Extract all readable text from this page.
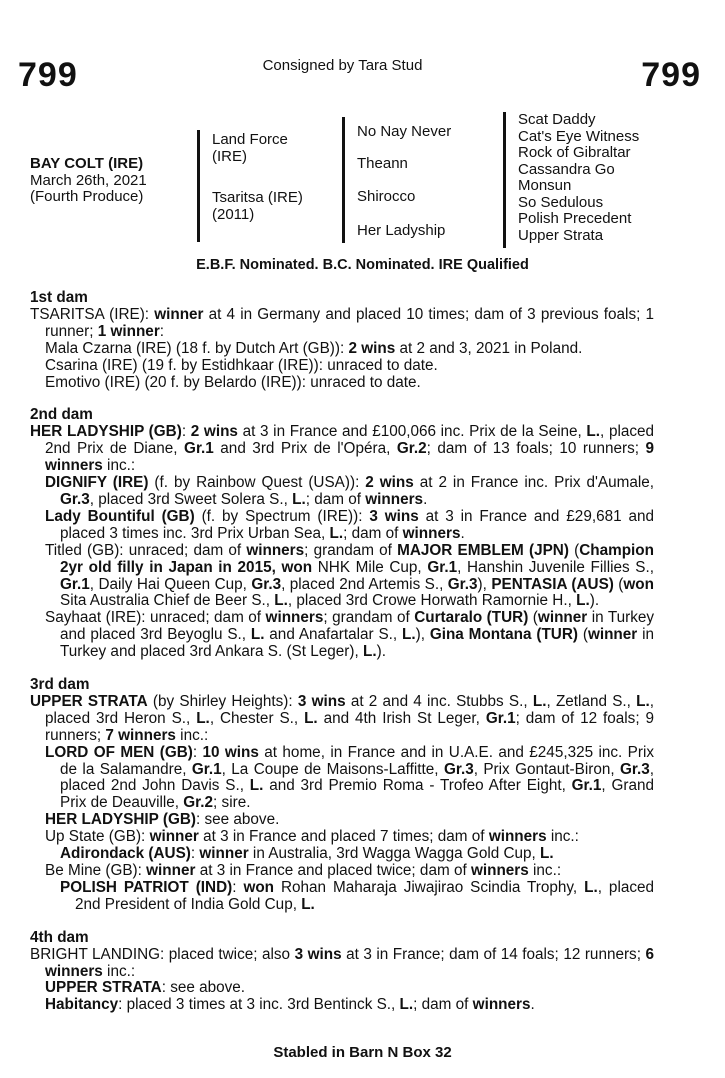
799	Consigned by Tara Stud	799
BAY COLT (IRE)
March 26th, 2021
(Fourth Produce)
Land Force
(IRE)
Tsaritsa (IRE)
(2011)
No Nay Never
Theann
Shirocco
Her Ladyship
Scat Daddy
Cat's Eye Witness
Rock of Gibraltar
Cassandra Go
Monsun
So Sedulous
Polish Precedent
Upper Strata
E.B.F. Nominated. B.C. Nominated. IRE Qualified
1st dam

TSARITSA (IRE): winner at 4 in Germany and placed 10 times; dam of 3 previous foals; 1 runner; 1 winner:

Mala Czarna (IRE) (18 f. by Dutch Art (GB)): 2 wins at 2 and 3, 2021 in Poland.

Csarina (IRE) (19 f. by Estidhkaar (IRE)): unraced to date.

Emotivo (IRE) (20 f. by Belardo (IRE)): unraced to date.

2nd dam

HER LADYSHIP (GB): 2 wins at 3 in France and £100,066 inc. Prix de la Seine, L., placed 2nd Prix de Diane, Gr.1 and 3rd Prix de l'Opéra, Gr.2; dam of 13 foals; 10 runners; 9 winners inc.:

DIGNIFY (IRE) (f. by Rainbow Quest (USA)): 2 wins at 2 in France inc. Prix d'Aumale, Gr.3, placed 3rd Sweet Solera S., L.; dam of winners.

Lady Bountiful (GB) (f. by Spectrum (IRE)): 3 wins at 3 in France and £29,681 and placed 3 times inc. 3rd Prix Urban Sea, L.; dam of winners.

Titled (GB): unraced; dam of winners; grandam of MAJOR EMBLEM (JPN) (Champion 2yr old filly in Japan in 2015, won NHK Mile Cup, Gr.1, Hanshin Juvenile Fillies S., Gr.1, Daily Hai Queen Cup, Gr.3, placed 2nd Artemis S., Gr.3), PENTASIA (AUS) (won Sita Australia Chief de Beer S., L., placed 3rd Crowe Horwath Ramornie H., L.).

Sayhaat (IRE): unraced; dam of winners; grandam of Curtaralo (TUR) (winner in Turkey and placed 3rd Beyoglu S., L. and Anafartalar S., L.), Gina Montana (TUR) (winner in Turkey and placed 3rd Ankara S. (St Leger), L.).

3rd dam

UPPER STRATA (by Shirley Heights): 3 wins at 2 and 4 inc. Stubbs S., L., Zetland S., L., placed 3rd Heron S., L., Chester S., L. and 4th Irish St Leger, Gr.1; dam of 12 foals; 9 runners; 7 winners inc.:

LORD OF MEN (GB): 10 wins at home, in France and in U.A.E. and £245,325 inc. Prix de la Salamandre, Gr.1, La Coupe de Maisons-Laffitte, Gr.3, Prix Gontaut-Biron, Gr.3, placed 2nd John Davis S., L. and 3rd Premio Roma - Trofeo After Eight, Gr.1, Grand Prix de Deauville, Gr.2; sire.

HER LADYSHIP (GB): see above.

Up State (GB): winner at 3 in France and placed 7 times; dam of winners inc.:

Adirondack (AUS): winner in Australia, 3rd Wagga Wagga Gold Cup, L.

Be Mine (GB): winner at 3 in France and placed twice; dam of winners inc.:

POLISH PATRIOT (IND): won Rohan Maharaja Jiwajirao Scindia Trophy, L., placed 2nd President of India Gold Cup, L.

4th dam

BRIGHT LANDING: placed twice; also 3 wins at 3 in France; dam of 14 foals; 12 runners; 6 winners inc.:

UPPER STRATA: see above.

Habitancy: placed 3 times at 3 inc. 3rd Bentinck S., L.; dam of winners.

Stabled in Barn N Box 32
